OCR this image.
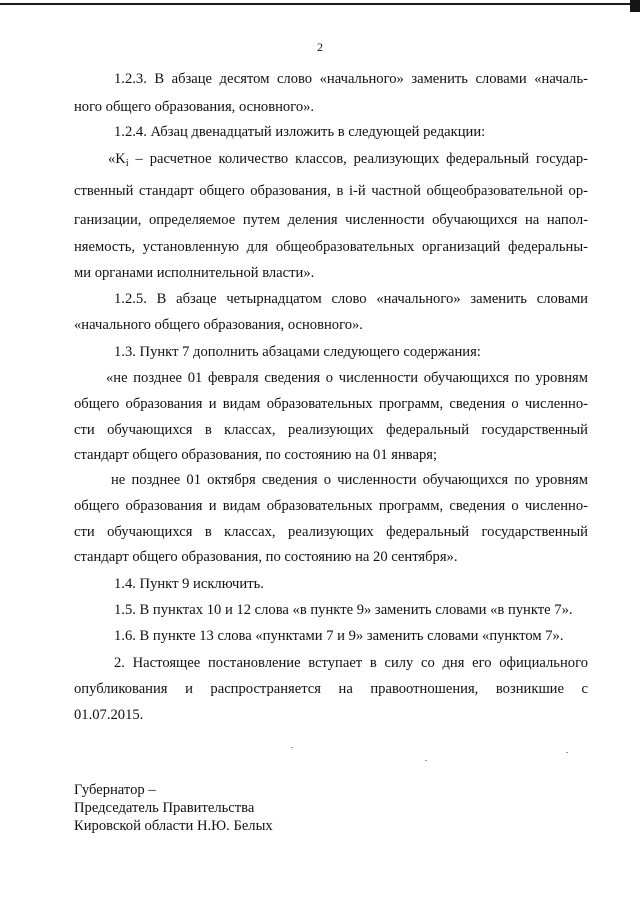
2
1.2.3. В абзаце десятом слово «начального» заменить словами «началь-
ного общего образования, основного».
1.2.4. Абзац двенадцатый изложить в следующей редакции:
«$K_i$ – расчетное количество классов, реализующих федеральный государ-
ственный стандарт общего образования, в i-й частной общеобразовательной ор-
ганизации, определяемое путем деления численности обучающихся на напол-
няемость, установленную для общеобразовательных организаций федеральны-
ми органами исполнительной власти».
1.2.5. В абзаце четырнадцатом слово «начального» заменить словами
«начального общего образования, основного».
1.3. Пункт 7 дополнить абзацами следующего содержания:
«не позднее 01 февраля сведения о численности обучающихся по уровням
общего образования и видам образовательных программ, сведения о численно-
сти обучающихся в классах, реализующих федеральный государственный
стандарт общего образования, по состоянию на 01 января;
не позднее 01 октября сведения о численности обучающихся по уровням
общего образования и видам образовательных программ, сведения о численно-
сти обучающихся в классах, реализующих федеральный государственный
стандарт общего образования, по состоянию на 20 сентября».
1.4. Пункт 9 исключить.
1.5. В пунктах 10 и 12 слова «в пункте 9» заменить словами «в пункте 7».
1.6. В пункте 13 слова «пунктами 7 и 9» заменить словами «пунктом 7».
2. Настоящее постановление вступает в силу со дня его официального
опубликования и распространяется на правоотношения, возникшие с
01.07.2015.
Губернатор –
Председатель Правительства
Кировской области Н.Ю. Белых
